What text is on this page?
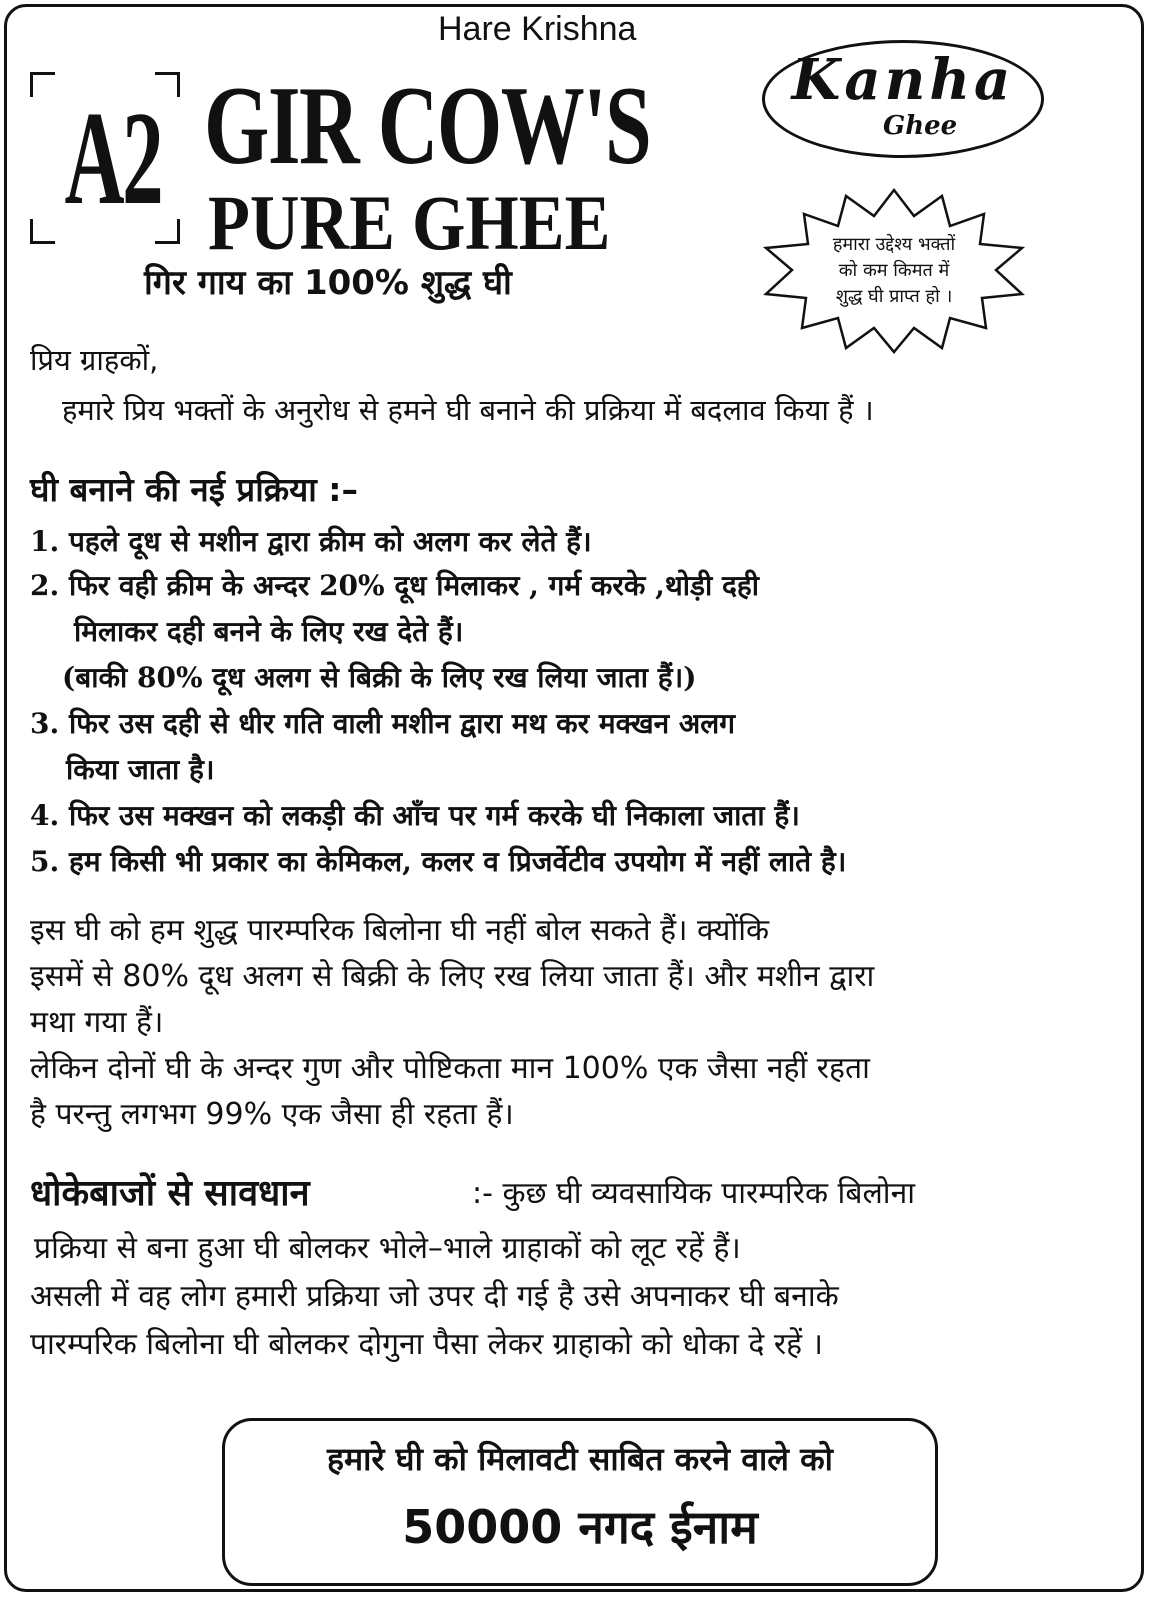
Hare Krishna
A2 GIR COW'S
PURE GHEE
गिर गाय का 100% शुद्ध घी
Kanha
Ghee
हमारा उद्देश्य भक्तों
को कम किमत में
शुद्ध घी प्राप्त हो ।
प्रिय ग्राहकों,
हमारे प्रिय भक्तों के अनुरोध से हमने घी बनाने की प्रक्रिया में बदलाव किया हैं ।
घी बनाने की नई प्रक्रिया :–
1. पहले दूध से मशीन द्वारा क्रीम को अलग कर लेते हैं।
2. फिर वही क्रीम के अन्दर 20% दूध मिलाकर , गर्म करके ,थोड़ी दही
मिलाकर दही बनने के लिए रख देते हैं।
(बाकी 80% दूध अलग से बिक्री के लिए रख लिया जाता हैं।)
3. फिर उस दही से धीर गति वाली मशीन द्वारा मथ कर मक्खन अलग
किया जाता है।
4. फिर उस मक्खन को लकड़ी की आँच पर गर्म करके घी निकाला जाता हैं।
5. हम किसी भी प्रकार का केमिकल, कलर व प्रिजर्वेटीव उपयोग में नहीं लाते है।
इस घी को हम शुद्ध पारम्परिक बिलोना घी नहीं बोल सकते हैं। क्योंकि
इसमें से 80% दूध अलग से बिक्री के लिए रख लिया जाता हैं। और मशीन द्वारा
मथा गया हैं।
लेकिन दोनों घी के अन्दर गुण और पोष्टिकता मान 100% एक जैसा नहीं रहता
है परन्तु लगभग 99% एक जैसा ही रहता हैं।
धोकेबाजों से सावधान	:- कुछ घी व्यवसायिक पारम्परिक बिलोना
प्रक्रिया से बना हुआ घी बोलकर भोले–भाले ग्राहाकों को लूट रहें हैं।
असली में वह लोग हमारी प्रक्रिया जो उपर दी गई है उसे अपनाकर घी बनाके
पारम्परिक बिलोना घी बोलकर दोगुना पैसा लेकर ग्राहाको को धोका दे रहें ।
हमारे घी को मिलावटी साबित करने वाले को
50000 नगद ईनाम
